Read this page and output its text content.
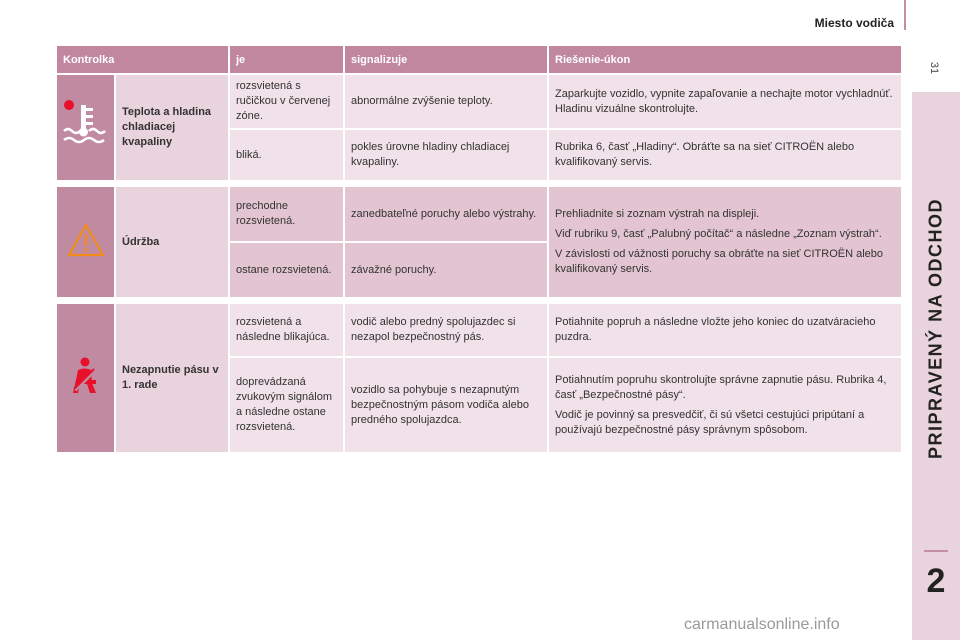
Miesto vodiča
31
PRIPRAVENÝ NA ODCHOD
2
Kontrolka		je	signalizuje	Riešenie-úkon
	Teplota a hladina chladiacej kvapaliny	rozsvietená s ručičkou v červenej zóne.	abnormálne zvýšenie teploty.	Zaparkujte vozidlo, vypnite zapaľovanie a nechajte motor vychladnúť. Hladinu vizuálne skontrolujte.

		bliká.	pokles úrovne hladiny chladiacej kvapaliny.	Rubrika 6, časť „Hladiny“. Obráťte sa na sieť CITROËN alebo kvalifikovaný servis.

	Údržba	prechodne rozsvietená.	zanedbateľné poruchy alebo výstrahy.	Prehliadnite si zoznam výstrah na displeji.

Viď rubriku 9, časť „Palubný počítač“ a následne „Zoznam výstrah“.

V závislosti od vážnosti poruchy sa obráťte na sieť CITROËN alebo kvalifikovaný servis.

		ostane rozsvietená.	závažné poruchy.	

	Nezapnutie pásu v 1. rade	rozsvietená a následne blikajúca.	vodič alebo predný spolujazdec si nezapol bezpečnostný pás.	Potiahnite popruh a následne vložte jeho koniec do uzatváracieho puzdra.

		doprevádzaná zvukovým signálom a následne ostane rozsvietená.	vozidlo sa pohybuje s nezapnutým bezpečnostným pásom vodiča alebo predného spolujazdca.	Potiahnutím popruhu skontrolujte správne zapnutie pásu. Rubrika 4, časť „Bezpečnostné pásy“.

Vodič je povinný sa presvedčiť, či sú všetci cestujúci pripútaní a používajú bezpečnostné pásy správnym spôsobom.

carmanualsonline.info
